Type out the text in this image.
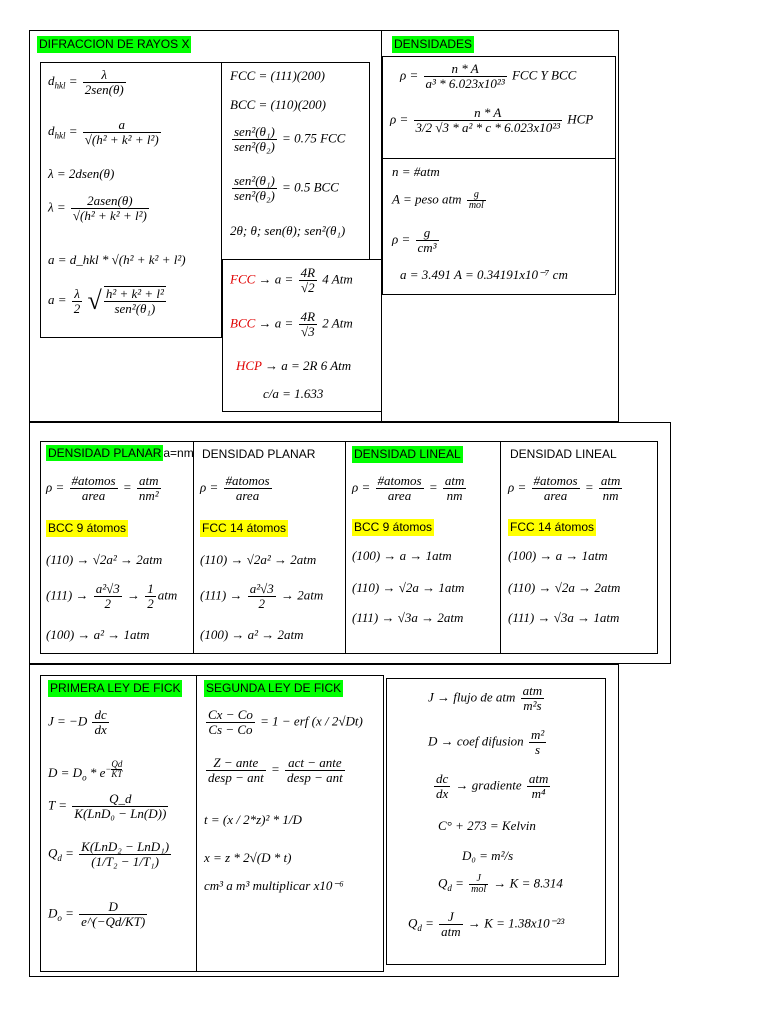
DIFRACCION DE RAYOS X	DENSIDADES
$d_{hkl} = \frac{\lambda}{\text{2sen(θ)}}$
$d_{hkl} = \frac{a}{\text{√(h² + k² + l²)}}$
λ = 2dsen(θ)
$\lambda = \frac{\text{2asen(θ)}}{\text{√(h² + k² + l²)}}$
a = d_hkl * √(h² + k² + l²)
$a = \frac{\lambda}{2}$ √ $\frac{\text{h² + k² + l²}}{\text{sen²(θ₁)}}$
FCC = (111)(200)
BCC = (110)(200)
$\frac{\text{sen²(θ₁)}}{\text{sen²(θ₂)}} = 0.75$ FCC
$\frac{\text{sen²(θ₁)}}{\text{sen²(θ₂)}} = 0.5$ BCC
2θ; θ; sen(θ); sen²(θ₁)
FCC → $a = \frac{4R}{√2} 4$ Atm
BCC → $a = \frac{4R}{√3} 2$ Atm
HCP → a = 2R 6 Atm
c/a = 1.633
$\rho = \frac{n * A}{\text{a³ * 6.023x10²³}}$ FCC Y BCC
$\rho = \frac{n * A}{\text{3/2 √3 * a² * c * 6.023x10²³}}$ HCP
n = #atm
A = peso atm $\frac{g}{\text{mol}}$
$\rho = \frac{g}{\text{cm³}}$
a = 3.491 A = 0.34191x10⁻⁷ cm
DENSIDAD PLANAR a=nm
$\rho = \frac{\text{\#atomos}}{\text{area}} = \frac{\text{atm}}{\text{nm²}}$
BCC 9 átomos
(110) → √2a² → 2atm
$(111) \to \frac{\text{a²√3}}{2} \to \frac{1}{2}$ atm
(100) → a² → 1atm
DENSIDAD PLANAR
$\rho = \frac{\text{\#atomos}}{\text{area}}$
FCC 14 átomos
(110) → √2a² → 2atm
$(111) \to \frac{\text{a²√3}}{2} \to 2atm$
(100) → a² → 2atm
DENSIDAD LINEAL
$\rho = \frac{\text{\#atomos}}{\text{area}} = \frac{\text{atm}}{nm}$
BCC 9 átomos
(100) → a → 1atm
(110) → √2a → 1atm
(111) → √3a → 2atm
DENSIDAD LINEAL
$\rho = \frac{\text{\#atomos}}{\text{area}} = \frac{\text{atm}}{nm}$
FCC 14 átomos
(100) → a → 1atm
(110) → √2a → 2atm
(111) → √3a → 1atm
PRIMERA LEY DE FICK SEGUNDA LEY DE FICK
$J = -D \frac{dc}{dx}$
$D = D_o * e^{- \frac{Qd}{KT}}$
$T = \frac{Q\_d}{\text{K(LnD₀ − Ln(D))}}$
$Q_d = \frac{\text{K(LnD₂ − LnD₁)}}{\text{(1/T₂ − 1/T₁)}}$
$D_o = \frac{D}{e\^{}(-Qd/KT)}$
$\frac{Cx - Co}{Cs - Co} = 1$ − erf (x / 2√Dt)
$\frac{\text{Z − ante}}{\text{desp − ant}} = \frac{\text{act − ante}}{\text{desp − ant}}$
t = (x / 2*z)² * 1/D
x = z * 2√(D * t)
cm³ a m³ multiplicar x10⁻⁶
J → flujo de atm $\frac{\text{atm}}{\text{m²s}}$
D → coef difusion $\frac{\text{m²}}{s}$
$\frac{dc}{dx}$ → gradiente $\frac{\text{atm}}{\text{m⁴}}$
C° + 273 = Kelvin
D₀ = m²/s
$Q_d = \frac{J}{\text{mol}} \to K = 8.314$
$Q_d = \frac{J}{\text{atm}} \to K = 1.38x10^{-23}$
